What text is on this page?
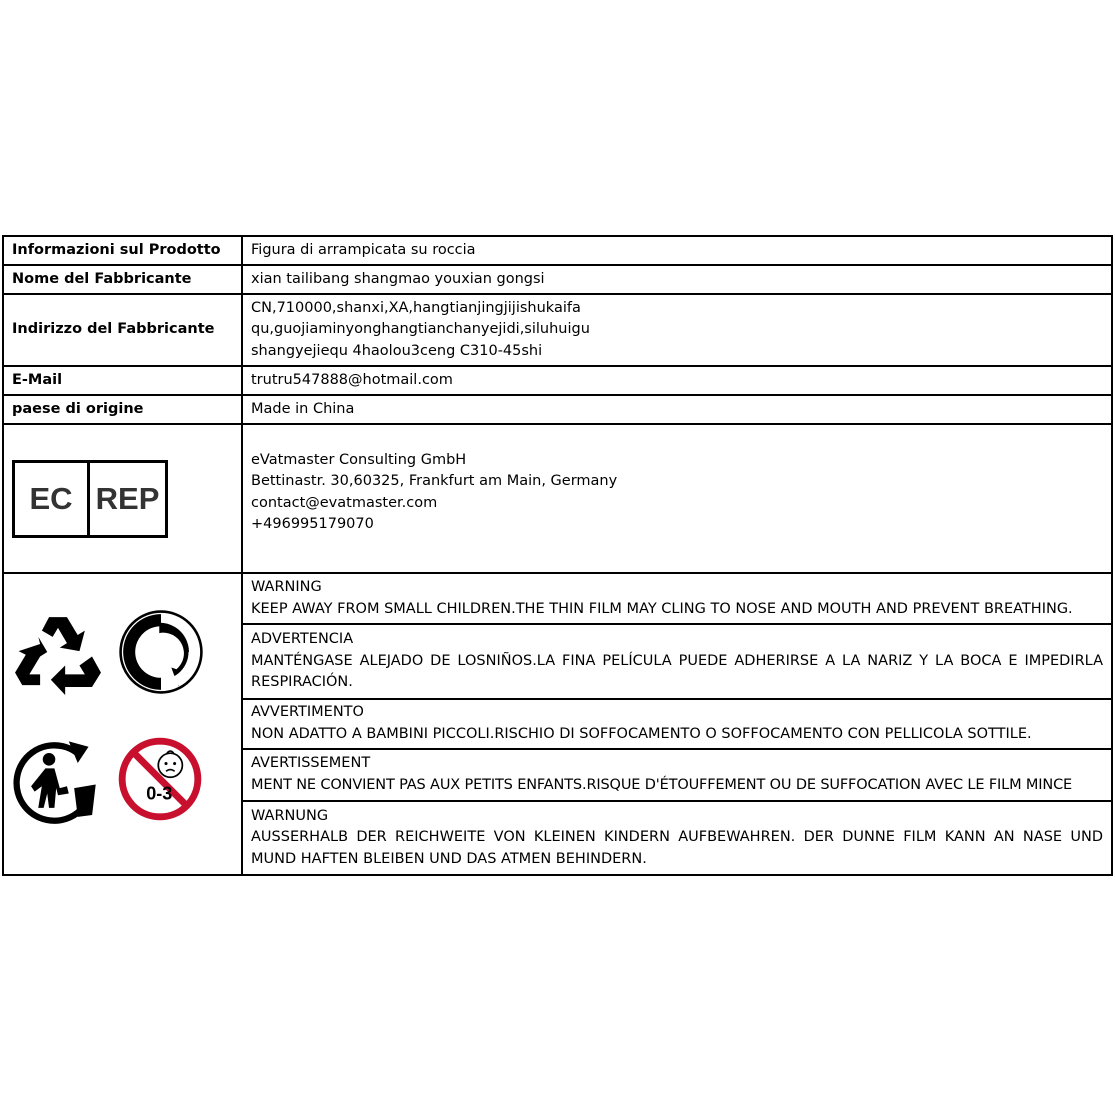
Informazioni sul Prodotto	Figura di arrampicata su roccia
Nome del Fabbricante	xian tailibang shangmao youxian gongsi
Indirizzo del Fabbricante	CN,710000,shanxi,XA,hangtianjingjijishukaifa
qu,guojiaminyonghangtianchanyejidi,siluhuigu
shangyejiequ 4haolou3ceng C310-45shi

E-Mail	trutru547888@hotmail.com
paese di origine	Made in China

EC REP	eVatmaster Consulting GmbH
Bettinastr. 30,60325, Frankfurt am Main, Germany
contact@evatmaster.com
+496995179070

0-3	WARNING
KEEP AWAY FROM SMALL CHILDREN.THE THIN FILM MAY CLING TO NOSE AND MOUTH AND PREVENT BREATHING.

	ADVERTENCIA
MANTÉNGASE ALEJADO DE LOSNIÑOS.LA FINA PELÍCULA PUEDE ADHERIRSE A LA NARIZ Y LA BOCA E IMPEDIRLA RESPIRACIÓN.

	AVVERTIMENTO
NON ADATTO A BAMBINI PICCOLI.RISCHIO DI SOFFOCAMENTO O SOFFOCAMENTO CON PELLICOLA SOTTILE.

	AVERTISSEMENT
MENT NE CONVIENT PAS AUX PETITS ENFANTS.RISQUE D'ÉTOUFFEMENT OU DE SUFFOCATION AVEC LE FILM MINCE

	WARNUNG
AUSSERHALB DER REICHWEITE VON KLEINEN KINDERN AUFBEWAHREN. DER DUNNE FILM KANN AN NASE UND MUND HAFTEN BLEIBEN UND DAS ATMEN BEHINDERN.
